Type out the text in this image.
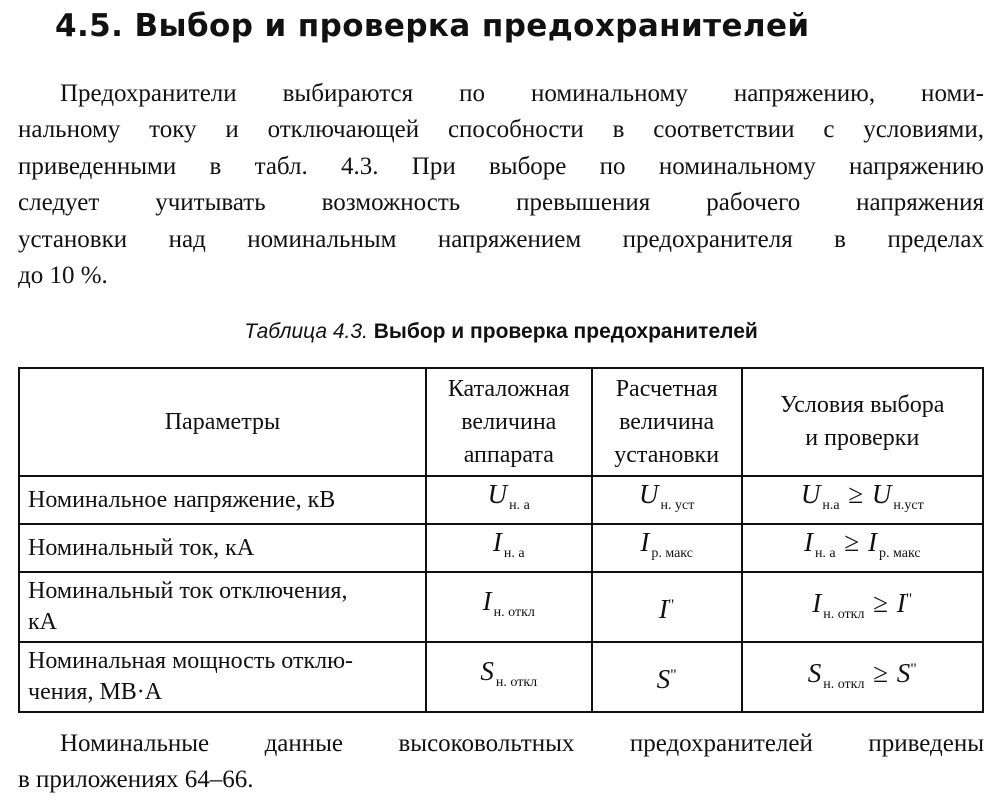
4.5. Выбор и проверка предохранителей
Предохранители выбираются по номинальному напряжению, номи-
нальному току и отключающей способности в соответствии с условиями,
приведенными в табл. 4.3. При выборе по номинальному напряжению
следует учитывать возможность превышения рабочего напряжения
установки над номинальным напряжением предохранителя в пределах
до 10 %.
Таблица 4.3. Выбор и проверка предохранителей
Параметры	Каталожная
величина
аппарата	Расчетная
величина
установки	Условия выбора
и проверки
Номинальное напряжение, кВ	U $_{н. а}$	U $_{н. уст}$	U $_{н.а}$ ≥ U $_{н.уст}$
Номинальный ток, кА	I $_{н. а}$	I $_{р. макс}$	I $_{н. а}$ ≥ I $_{р. макс}$
Номинальный ток отключения,
кА	I $_{н. откл}$	I"	I $_{н. откл}$ ≥ I"
Номинальная мощность отклю-
чения, МВ·А	S $_{н. откл}$	S"	S $_{н. откл}$ ≥ S"
Номинальные данные высоковольтных предохранителей приведены
в приложениях 64–66.
